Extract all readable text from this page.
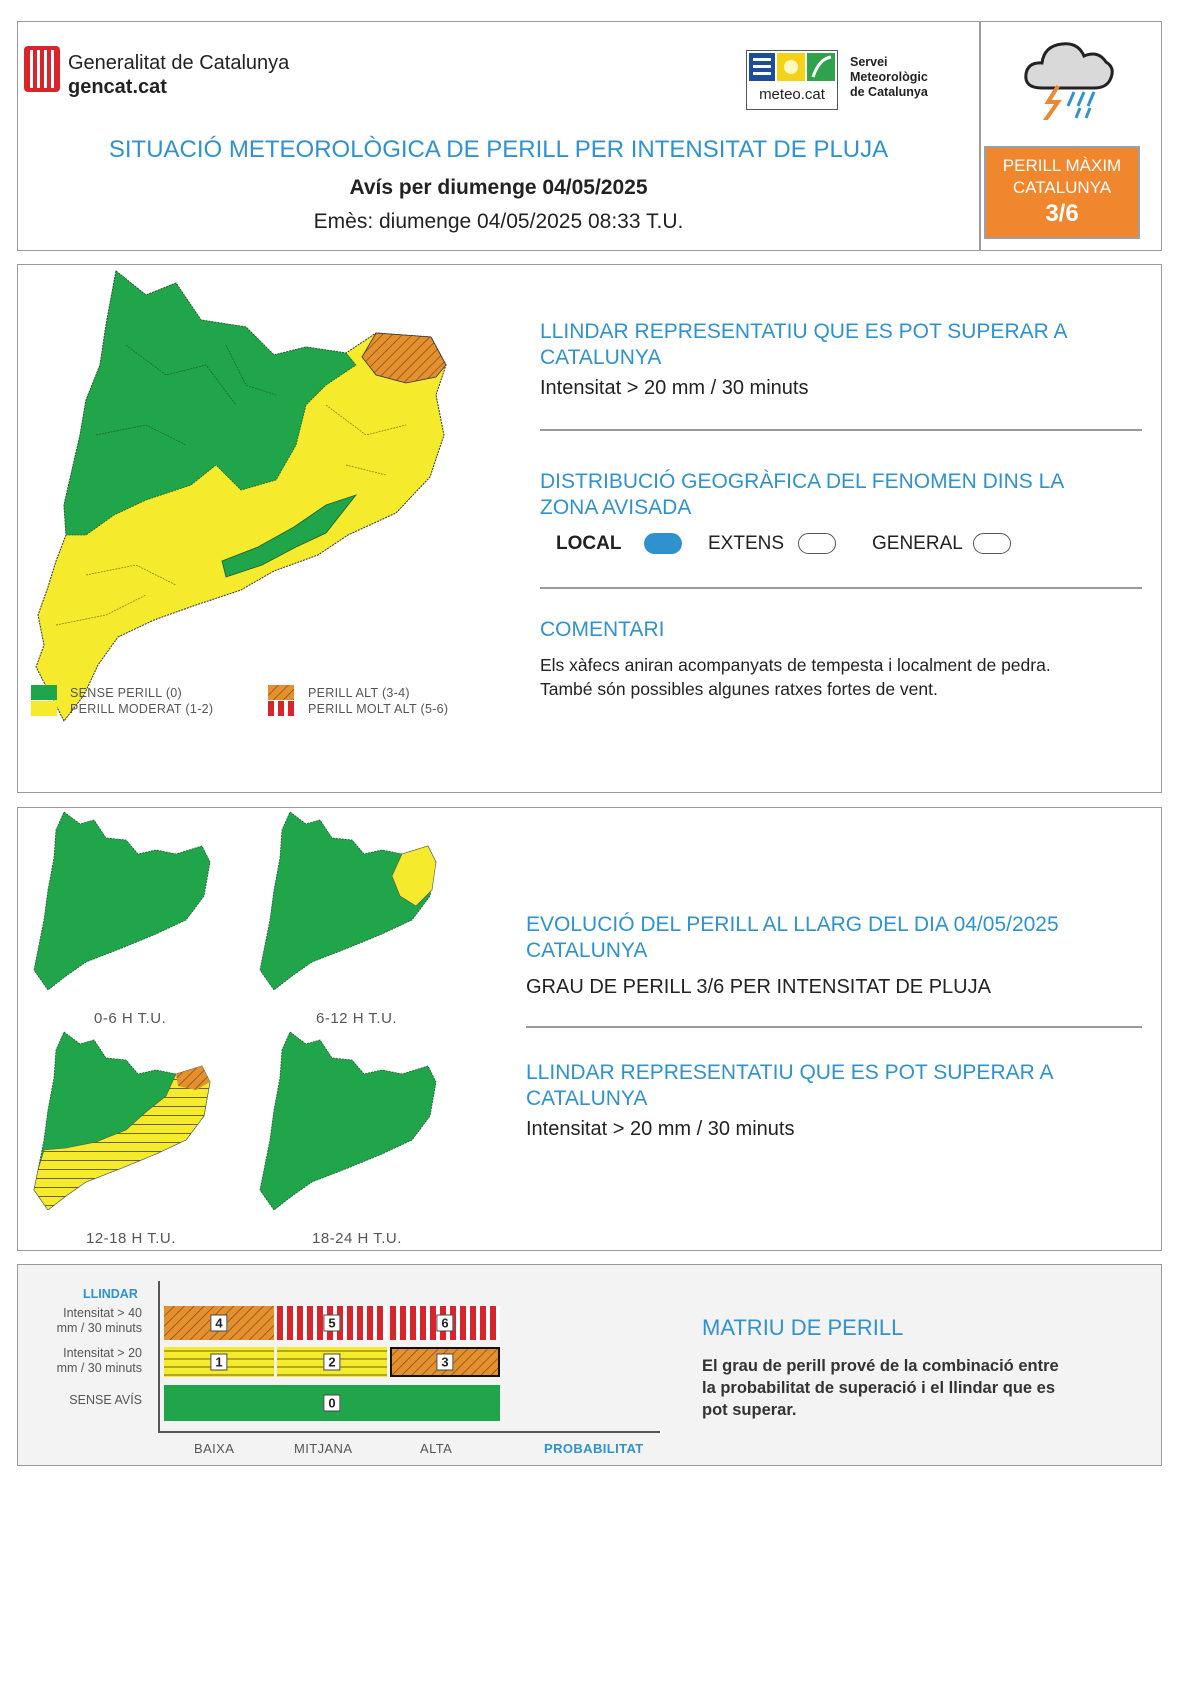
Generalitat de Catalunya
gencat.cat	meteo.cat
Servei
Meteorològic
de Catalunya
SITUACIÓ METEOROLÒGICA DE PERILL PER INTENSITAT DE PLUJA
Avís per diumenge 04/05/2025
Emès: diumenge 04/05/2025 08:33 T.U.
PERILL MÀXIM
CATALUNYA
3/6
SENSE PERILL (0)
PERILL MODERAT (1-2)
PERILL ALT (3-4)
PERILL MOLT ALT (5-6)
LLINDAR REPRESENTATIU QUE ES POT SUPERAR A CATALUNYA
Intensitat > 20 mm / 30 minuts
DISTRIBUCIÓ GEOGRÀFICA DEL FENOMEN DINS LA ZONA AVISADA
LOCAL	EXTENS	GENERAL
COMENTARI
Els xàfecs aniran acompanyats de tempesta i localment de pedra.
També són possibles algunes ratxes fortes de vent.
0-6 H T.U.	6-12 H T.U.
12-18 H T.U.	18-24 H T.U.
EVOLUCIÓ DEL PERILL AL LLARG DEL DIA 04/05/2025
CATALUNYA
GRAU DE PERILL 3/6 PER INTENSITAT DE PLUJA
LLINDAR REPRESENTATIU QUE ES POT SUPERAR A CATALUNYA
Intensitat > 20 mm / 30 minuts
LLINDAR
Intensitat > 40
mm / 30 minuts
Intensitat > 20
mm / 30 minuts
SENSE AVÍS
4	5	6
1	2	3
0
BAIXA	MITJANA	ALTA	PROBABILITAT
MATRIU DE PERILL
El grau de perill prové de la combinació entre
la probabilitat de superació i el llindar que es
pot superar.
